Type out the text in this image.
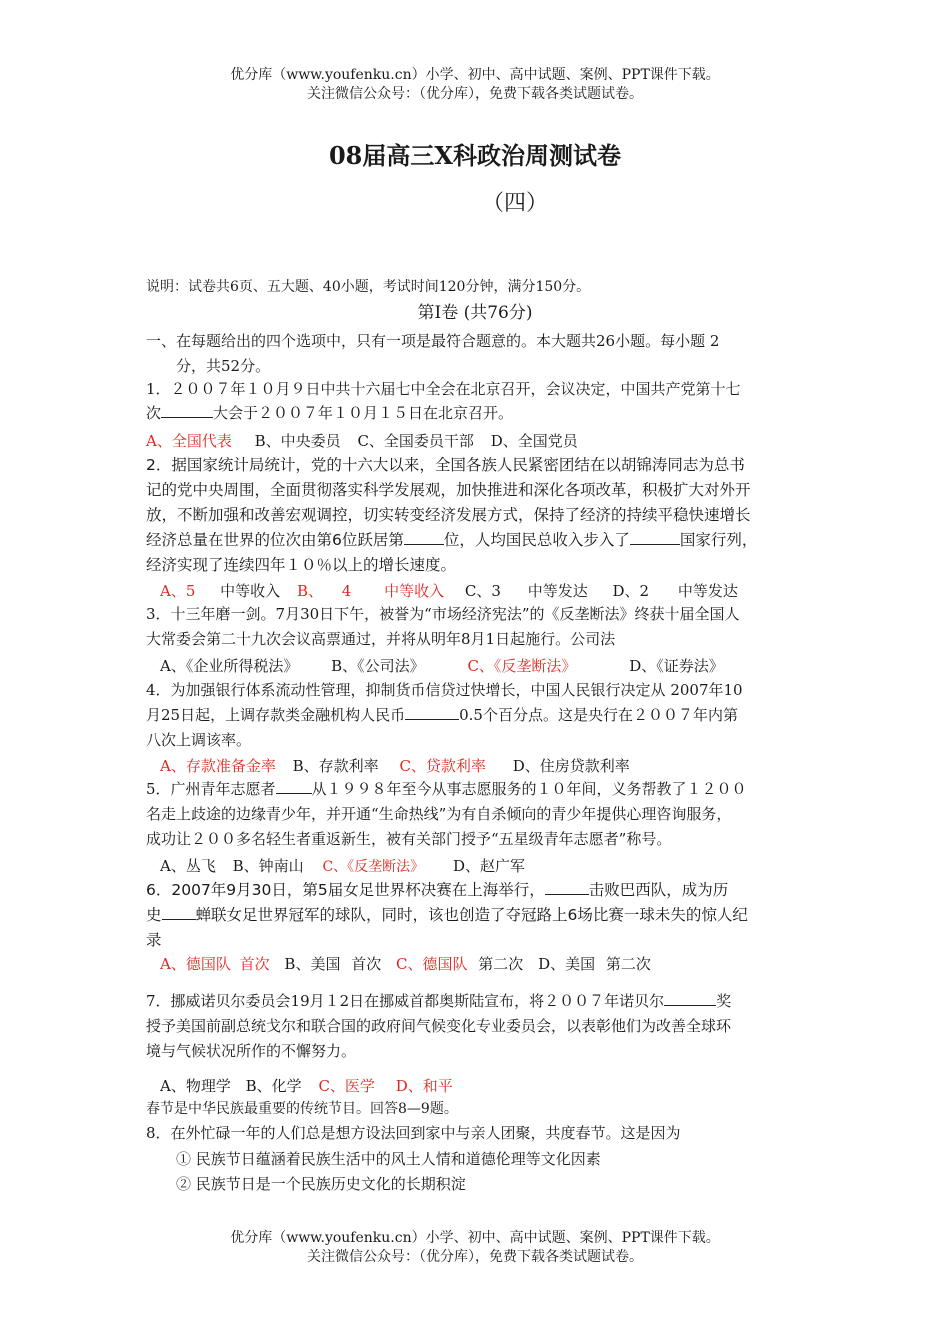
优分库（www.youfenku.cn）小学、初中、高中试题、案例、PPT课件下载。
关注微信公众号：（优分库），免费下载各类试题试卷。
08届高三X科政治周测试卷
（四）
说明：试卷共6页、五大题、40小题，考试时间120分钟，满分150分。
第Ⅰ卷 (共76分)
一、在每题给出的四个选项中，只有一项是最符合题意的。本大题共26小题。每小题 2
分，共52分。
1．２００７年１０月９日中共十六届七中全会在北京召开，会议决定，中国共产党第十七
次	大会于２００７年１０月１５日在北京召开。
A、全国代表 B、中央委员 C、全国委员干部 D、全国党员
2．据国家统计局统计，党的十六大以来，全国各族人民紧密团结在以胡锦涛同志为总书
记的党中央周围，全面贯彻落实科学发展观，加快推进和深化各项改革，积极扩大对外开
放，不断加强和改善宏观调控，切实转变经济发展方式，保持了经济的持续平稳快速增长
经济总量在世界的位次由第6位跃居第	位，人均国民总收入步入了	国家行列，
经济实现了连续四年１０％以上的增长速度。
A、5 中等收入 B、 4 中等收入 C、3 中等发达 D、2 中等发达
3．十三年磨一剑。7月30日下午，被誉为“市场经济宪法”的《反垄断法》终获十届全国人
大常委会第二十九次会议高票通过，并将从明年8月1日起施行。公司法
A、《企业所得税法》 B、《公司法》	C、《反垄断法》	D、《证券法》
4．为加强银行体系流动性管理，抑制货币信贷过快增长，中国人民银行决定从 2007年10
月25日起，上调存款类金融机构人民币	0.5个百分点。这是央行在２００７年内第
八次上调该率。
A、存款准备金率 B、存款利率 C、贷款利率 D、住房贷款利率
5．广州青年志愿者 从１９９８年至今从事志愿服务的１０年间，义务帮教了１２００
名走上歧途的边缘青少年，并开通“生命热线”为有自杀倾向的青少年提供心理咨询服务，
成功让２００多名轻生者重返新生，被有关部门授予“五星级青年志愿者”称号。
A、丛飞 B、钟南山 C、《反垄断法》 D、赵广军
6．2007年9月30日，第5届女足世界杯决赛在上海举行，	击败巴西队，成为历
史 蝉联女足世界冠军的球队，同时，该也创造了夺冠路上6场比赛一球未失的惊人纪
录
A、德国队 首次 B、美国 首次 C、德国队 第二次 D、美国 第二次
7．挪威诺贝尔委员会19月１2日在挪威首都奥斯陆宣布，将２００７年诺贝尔	奖
授予美国前副总统戈尔和联合国的政府间气候变化专业委员会，以表彰他们为改善全球环
境与气候状况所作的不懈努力。
A、物理学 B、化学 C、医学 D、和平
春节是中华民族最重要的传统节目。回答8—9题。
8．在外忙碌一年的人们总是想方设法回到家中与亲人团聚，共度春节。这是因为
① 民族节日蕴涵着民族生活中的风土人情和道德伦理等文化因素
② 民族节日是一个民族历史文化的长期积淀
优分库（www.youfenku.cn）小学、初中、高中试题、案例、PPT课件下载。
关注微信公众号：（优分库），免费下载各类试题试卷。
